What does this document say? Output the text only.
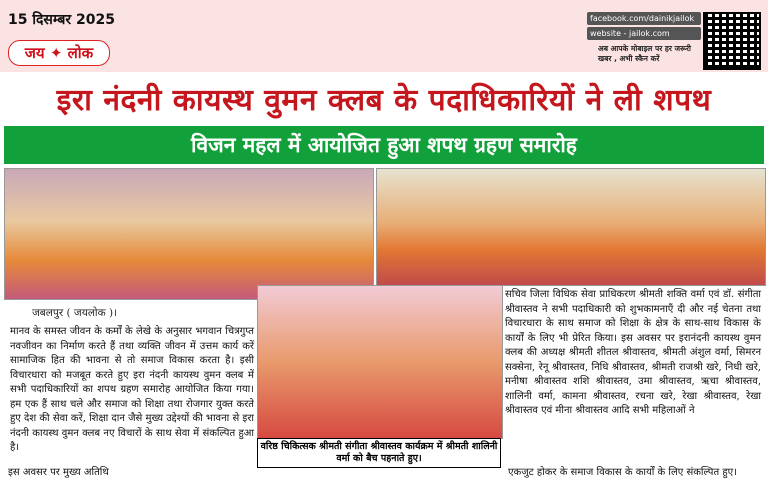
15 दिसम्बर 2025
जय ✦ लोक
facebook.com/dainikjailok
website - jailok.com
अब आपके मोबाइल पर हर जरूरी खबर , अभी स्कैन करें
इरा नंदनी कायस्थ वुमन क्लब के पदाधिकारियों ने ली शपथ
विजन महल में आयोजित हुआ शपथ ग्रहण समारोह
वरिष्ठ चिकित्सक श्रीमती संगीता श्रीवास्तव कार्यक्रम में श्रीमती शालिनी वर्मा को बैच पहनाते हुए।
जबलपुर ( जयलोक )।
मानव के समस्त जीवन के कर्मों के लेखे के अनुसार भगवान चित्रगुप्त नवजीवन का निर्माण करते हैं तथा व्यक्ति जीवन में उत्तम कार्य करें सामाजिक हित की भावना से तो समाज विकास करता है। इसी विचारधारा को मजबूत करते हुए इरा नंदनी कायस्थ वुमन क्लब में सभी पदाधिकारियों का शपथ ग्रहण समारोह आयोजित किया गया। हम एक हैं साथ चले और समाज को शिक्षा तथा रोजगार युक्त करते हुए देश की सेवा करें, शिक्षा दान जैसे मुख्य उद्देश्यों की भावना से इरा नंदनी कायस्थ वुमन क्लब नए विचारों के साथ सेवा में संकल्पित हुआ है।
सचिव जिला विधिक सेवा प्राधिकरण श्रीमती शक्ति वर्मा एवं डॉ. संगीता श्रीवास्तव ने सभी पदाधिकारी को शुभकामनाएँ दी और नई चेतना तथा विचारधारा के साथ समाज को शिक्षा के क्षेत्र के साथ-साथ विकास के कार्यों के लिए भी प्रेरित किया। इस अवसर पर इरानंदनी कायस्थ वुमन क्लब की अध्यक्ष श्रीमती शीतल श्रीवास्तव, श्रीमती अंशुल वर्मा, सिमरन सक्सेना, रेनू श्रीवास्तव, निधि श्रीवास्तव, श्रीमती राजश्री खरे, निधी खरे, मनीषा श्रीवास्तव शशि श्रीवास्तव, उमा श्रीवास्तव, ऋचा श्रीवास्तव, शालिनी वर्मा, कामना श्रीवास्तव, रचना खरे, रेखा श्रीवास्तव, रेखा श्रीवास्तव एवं मीना श्रीवास्तव आदि सभी महिलाओं ने
इस अवसर पर मुख्य अतिथि	एकजुट होकर के समाज विकास के कार्यों के लिए संकल्पित हुए।
